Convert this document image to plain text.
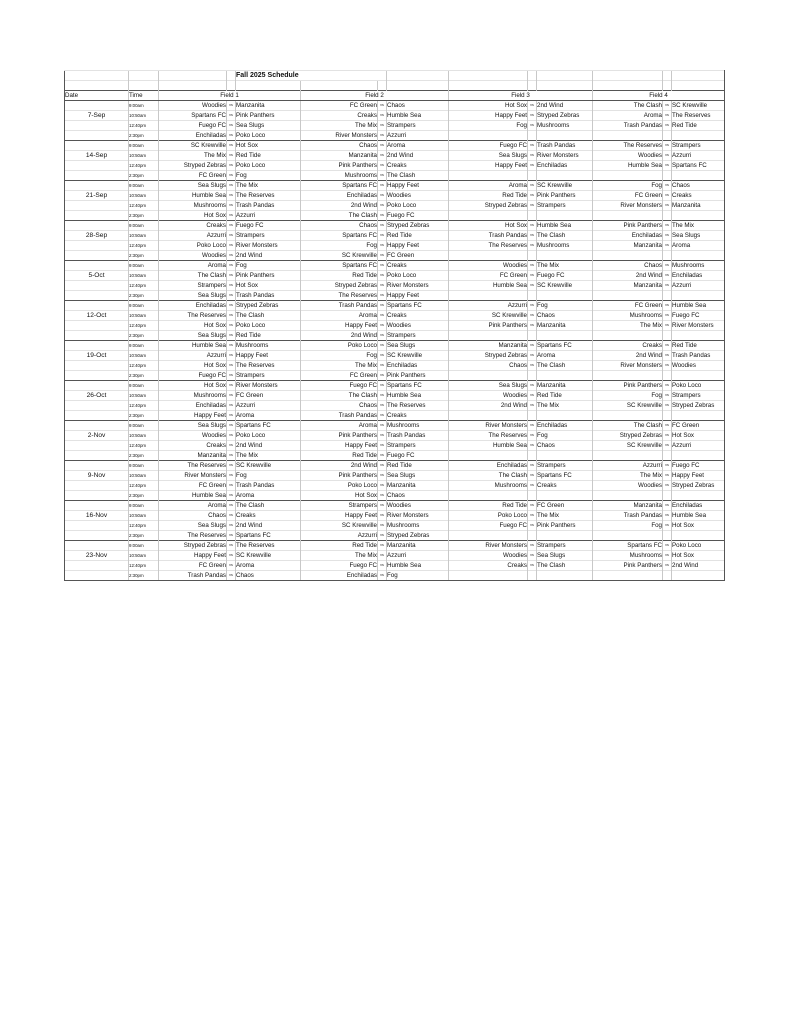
				Fall 2025 Schedule									

Date	Time	Field 1			Field 2			Field 3			Field 4		
	9:00am	Woodies	vs	Manzanita	FC Green	vs	Chaos	Hot Sox	vs	2nd Wind	The Clash	vs	SC Krewville
7-Sep	10:50am	Spartans FC	vs	Pink Panthers	Creaks	vs	Humble Sea	Happy Feet	vs	Stryped Zebras	Aroma	vs	The Reserves
	12:40pm	Fuego FC	vs	Sea Slugs	The Mix	vs	Strampers	Fog	vs	Mushrooms	Trash Pandas	vs	Red Tide
	2:30pm	Enchiladas	vs	Poko Loco	River Monsters	vs	Azzurri						
	9:00am	SC Krewville	vs	Hot Sox	Chaos	vs	Aroma	Fuego FC	vs	Trash Pandas	The Reserves	vs	Strampers
14-Sep	10:50am	The Mix	vs	Red Tide	Manzanita	vs	2nd Wind	Sea Slugs	vs	River Monsters	Woodies	vs	Azzurri
	12:40pm	Stryped Zebras	vs	Poko Loco	Pink Panthers	vs	Creaks	Happy Feet	vs	Enchiladas	Humble Sea	vs	Spartans FC
	2:30pm	FC Green	vs	Fog	Mushrooms	vs	The Clash						
	9:00am	Sea Slugs	vs	The Mix	Spartans FC	vs	Happy Feet	Aroma	vs	SC Krewville	Fog	vs	Chaos
21-Sep	10:50am	Humble Sea	vs	The Reserves	Enchiladas	vs	Woodies	Red Tide	vs	Pink Panthers	FC Green	vs	Creaks
	12:40pm	Mushrooms	vs	Trash Pandas	2nd Wind	vs	Poko Loco	Stryped Zebras	vs	Strampers	River Monsters	vs	Manzanita
	2:30pm	Hot Sox	vs	Azzurri	The Clash	vs	Fuego FC						
	9:00am	Creaks	vs	Fuego FC	Chaos	vs	Stryped Zebras	Hot Sox	vs	Humble Sea	Pink Panthers	vs	The Mix
28-Sep	10:50am	Azzurri	vs	Strampers	Spartans FC	vs	Red Tide	Trash Pandas	vs	The Clash	Enchiladas	vs	Sea Slugs
	12:40pm	Poko Loco	vs	River Monsters	Fog	vs	Happy Feet	The Reserves	vs	Mushrooms	Manzanita	vs	Aroma
	2:30pm	Woodies	vs	2nd Wind	SC Krewville	vs	FC Green						
	9:00am	Aroma	vs	Fog	Spartans FC	vs	Creaks	Woodies	vs	The Mix	Chaos	vs	Mushrooms
5-Oct	10:50am	The Clash	vs	Pink Panthers	Red Tide	vs	Poko Loco	FC Green	vs	Fuego FC	2nd Wind	vs	Enchiladas
	12:40pm	Strampers	vs	Hot Sox	Stryped Zebras	vs	River Monsters	Humble Sea	vs	SC Krewville	Manzanita	vs	Azzurri
	2:30pm	Sea Slugs	vs	Trash Pandas	The Reserves	vs	Happy Feet						
	9:00am	Enchiladas	vs	Stryped Zebras	Trash Pandas	vs	Spartans FC	Azzurri	vs	Fog	FC Green	vs	Humble Sea
12-Oct	10:50am	The Reserves	vs	The Clash	Aroma	vs	Creaks	SC Krewville	vs	Chaos	Mushrooms	vs	Fuego FC
	12:40pm	Hot Sox	vs	Poko Loco	Happy Feet	vs	Woodies	Pink Panthers	vs	Manzanita	The Mix	vs	River Monsters
	2:30pm	Sea Slugs	vs	Red Tide	2nd Wind	vs	Strampers						
	9:00am	Humble Sea	vs	Mushrooms	Poko Loco	vs	Sea Slugs	Manzanita	vs	Spartans FC	Creaks	vs	Red Tide
19-Oct	10:50am	Azzurri	vs	Happy Feet	Fog	vs	SC Krewville	Stryped Zebras	vs	Aroma	2nd Wind	vs	Trash Pandas
	12:40pm	Hot Sox	vs	The Reserves	The Mix	vs	Enchiladas	Chaos	vs	The Clash	River Monsters	vs	Woodies
	2:30pm	Fuego FC	vs	Strampers	FC Green	vs	Pink Panthers						
	9:00am	Hot Sox	vs	River Monsters	Fuego FC	vs	Spartans FC	Sea Slugs	vs	Manzanita	Pink Panthers	vs	Poko Loco
26-Oct	10:50am	Mushrooms	vs	FC Green	The Clash	vs	Humble Sea	Woodies	vs	Red Tide	Fog	vs	Strampers
	12:40pm	Enchiladas	vs	Azzurri	Chaos	vs	The Reserves	2nd Wind	vs	The Mix	SC Krewville	vs	Stryped Zebras
	2:30pm	Happy Feet	vs	Aroma	Trash Pandas	vs	Creaks						
	9:00am	Sea Slugs	vs	Spartans FC	Aroma	vs	Mushrooms	River Monsters	vs	Enchiladas	The Clash	vs	FC Green
2-Nov	10:50am	Woodies	vs	Poko Loco	Pink Panthers	vs	Trash Pandas	The Reserves	vs	Fog	Stryped Zebras	vs	Hot Sox
	12:40pm	Creaks	vs	2nd Wind	Happy Feet	vs	Strampers	Humble Sea	vs	Chaos	SC Krewville	vs	Azzurri
	2:30pm	Manzanita	vs	The Mix	Red Tide	vs	Fuego FC						
	9:00am	The Reserves	vs	SC Krewville	2nd Wind	vs	Red Tide	Enchiladas	vs	Strampers	Azzurri	vs	Fuego FC
9-Nov	10:50am	River Monsters	vs	Fog	Pink Panthers	vs	Sea Slugs	The Clash	vs	Spartans FC	The Mix	vs	Happy Feet
	12:40pm	FC Green	vs	Trash Pandas	Poko Loco	vs	Manzanita	Mushrooms	vs	Creaks	Woodies	vs	Stryped Zebras
	2:30pm	Humble Sea	vs	Aroma	Hot Sox	vs	Chaos						
	9:00am	Aroma	vs	The Clash	Strampers	vs	Woodies	Red Tide	vs	FC Green	Manzanita	vs	Enchiladas
16-Nov	10:50am	Chaos	vs	Creaks	Happy Feet	vs	River Monsters	Poko Loco	vs	The Mix	Trash Pandas	vs	Humble Sea
	12:40pm	Sea Slugs	vs	2nd Wind	SC Krewville	vs	Mushrooms	Fuego FC	vs	Pink Panthers	Fog	vs	Hot Sox
	2:30pm	The Reserves	vs	Spartans FC	Azzurri	vs	Stryped Zebras						
	9:00am	Stryped Zebras	vs	The Reserves	Red Tide	vs	Manzanita	River Monsters	vs	Strampers	Spartans FC	vs	Poko Loco
23-Nov	10:50am	Happy Feet	vs	SC Krewville	The Mix	vs	Azzurri	Woodies	vs	Sea Slugs	Mushrooms	vs	Hot Sox
	12:40pm	FC Green	vs	Aroma	Fuego FC	vs	Humble Sea	Creaks	vs	The Clash	Pink Panthers	vs	2nd Wind
	2:30pm	Trash Pandas	vs	Chaos	Enchiladas	vs	Fog						
